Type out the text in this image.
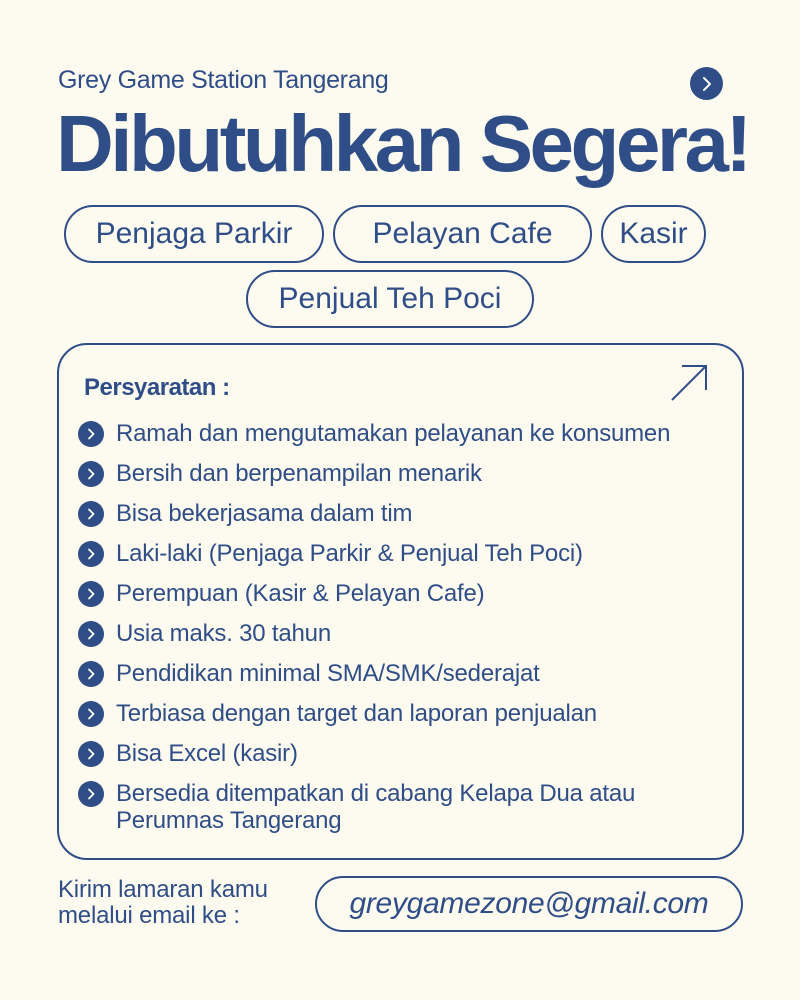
Grey Game Station Tangerang
Dibutuhkan Segera!
Penjaga Parkir	Pelayan Cafe	Kasir
Penjual Teh Poci
Persyaratan :
Ramah dan mengutamakan pelayanan ke konsumen
Bersih dan berpenampilan menarik
Bisa bekerjasama dalam tim
Laki-laki (Penjaga Parkir & Penjual Teh Poci)
Perempuan (Kasir & Pelayan Cafe)
Usia maks. 30 tahun
Pendidikan minimal SMA/SMK/sederajat
Terbiasa dengan target dan laporan penjualan
Bisa Excel (kasir)
Bersedia ditempatkan di cabang Kelapa Dua atau Perumnas Tangerang
Kirim lamaran kamu
melalui email ke :	greygamezone@gmail.com
